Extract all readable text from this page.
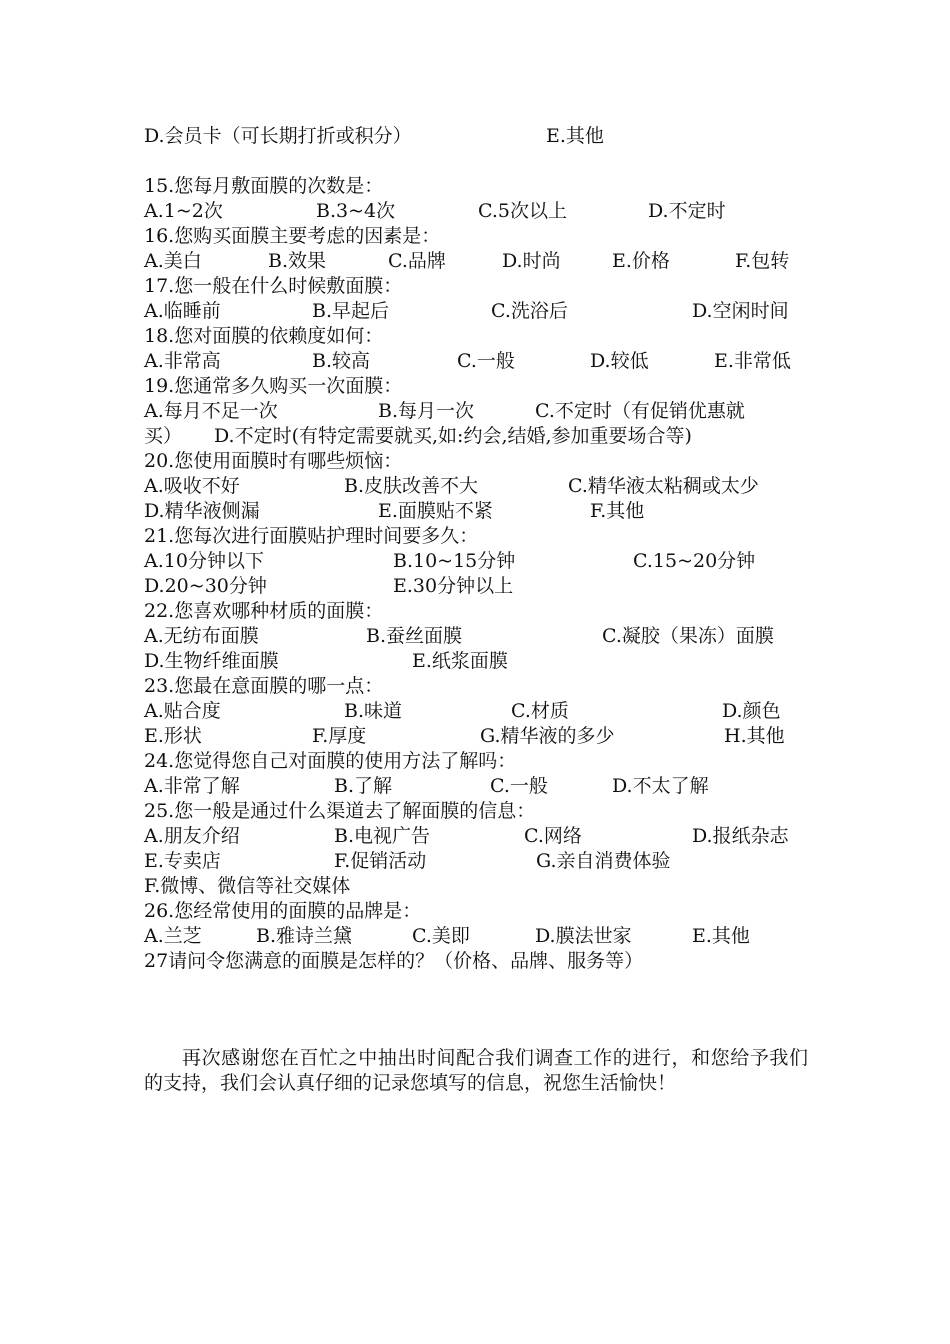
D.会员卡（可长期打折或积分）	E.其他
15.您每月敷面膜的次数是：
A.1~2次	B.3~4次	C.5次以上	D.不定时
16.您购买面膜主要考虑的因素是：
A.美白	B.效果	C.品牌	D.时尚	E.价格	F.包转
17.您一般在什么时候敷面膜：
A.临睡前	B.早起后	C.洗浴后	D.空闲时间
18.您对面膜的依赖度如何：
A.非常高	B.较高	C.一般	D.较低	E.非常低
19.您通常多久购买一次面膜：
A.每月不足一次	B.每月一次	C.不定时（有促销优惠就
买） D.不定时(有特定需要就买,如:约会,结婚,参加重要场合等)
20.您使用面膜时有哪些烦恼：
A.吸收不好	B.皮肤改善不大	C.精华液太粘稠或太少
D.精华液侧漏	E.面膜贴不紧	F.其他
21.您每次进行面膜贴护理时间要多久：
A.10分钟以下	B.10~15分钟	C.15~20分钟
D.20~30分钟	E.30分钟以上
22.您喜欢哪种材质的面膜：
A.无纺布面膜	B.蚕丝面膜	C.凝胶（果冻）面膜
D.生物纤维面膜	E.纸浆面膜
23.您最在意面膜的哪一点：
A.贴合度	B.味道	C.材质	D.颜色
E.形状	F.厚度	G.精华液的多少	H.其他
24.您觉得您自己对面膜的使用方法了解吗：
A.非常了解	B.了解	C.一般	D.不太了解
25.您一般是通过什么渠道去了解面膜的信息：
A.朋友介绍	B.电视广告	C.网络	D.报纸杂志
E.专卖店	F.促销活动	G.亲自消费体验
F.微博、微信等社交媒体
26.您经常使用的面膜的品牌是：
A.兰芝	B.雅诗兰黛	C.美即	D.膜法世家	E.其他
27请问令您满意的面膜是怎样的？（价格、品牌、服务等）
再次感谢您在百忙之中抽出时间配合我们调查工作的进行，和您给予我们的支持，我们会认真仔细的记录您填写的信息，祝您生活愉快！
